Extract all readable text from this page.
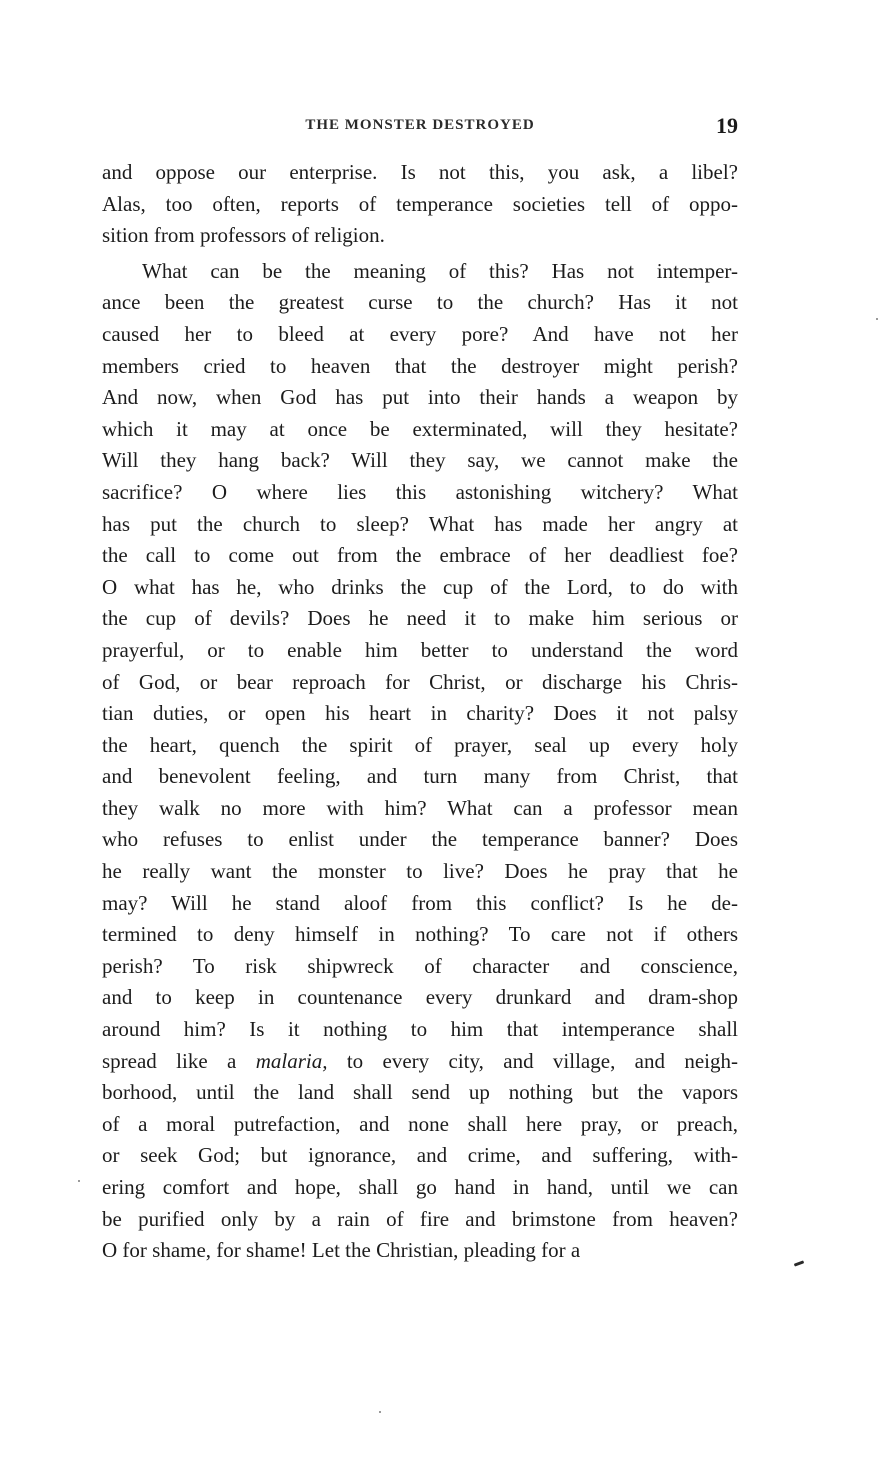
THE MONSTER DESTROYED	19
and oppose our enterprise. Is not this, you ask, a libel?
Alas, too often, reports of temperance societies tell of oppo-
sition from professors of religion.
What can be the meaning of this? Has not intemper-
ance been the greatest curse to the church? Has it not
caused her to bleed at every pore? And have not her
members cried to heaven that the destroyer might perish?
And now, when God has put into their hands a weapon by
which it may at once be exterminated, will they hesitate?
Will they hang back? Will they say, we cannot make the
sacrifice? O where lies this astonishing witchery? What
has put the church to sleep? What has made her angry at
the call to come out from the embrace of her deadliest foe?
O what has he, who drinks the cup of the Lord, to do with
the cup of devils? Does he need it to make him serious or
prayerful, or to enable him better to understand the word
of God, or bear reproach for Christ, or discharge his Chris-
tian duties, or open his heart in charity? Does it not palsy
the heart, quench the spirit of prayer, seal up every holy
and benevolent feeling, and turn many from Christ, that
they walk no more with him? What can a professor mean
who refuses to enlist under the temperance banner? Does
he really want the monster to live? Does he pray that he
may? Will he stand aloof from this conflict? Is he de-
termined to deny himself in nothing? To care not if others
perish? To risk shipwreck of character and conscience,
and to keep in countenance every drunkard and dram-shop
around him? Is it nothing to him that intemperance shall
spread like a malaria, to every city, and village, and neigh-
borhood, until the land shall send up nothing but the vapors
of a moral putrefaction, and none shall here pray, or preach,
or seek God; but ignorance, and crime, and suffering, with-
ering comfort and hope, shall go hand in hand, until we can
be purified only by a rain of fire and brimstone from heaven?
O for shame, for shame! Let the Christian, pleading for a
